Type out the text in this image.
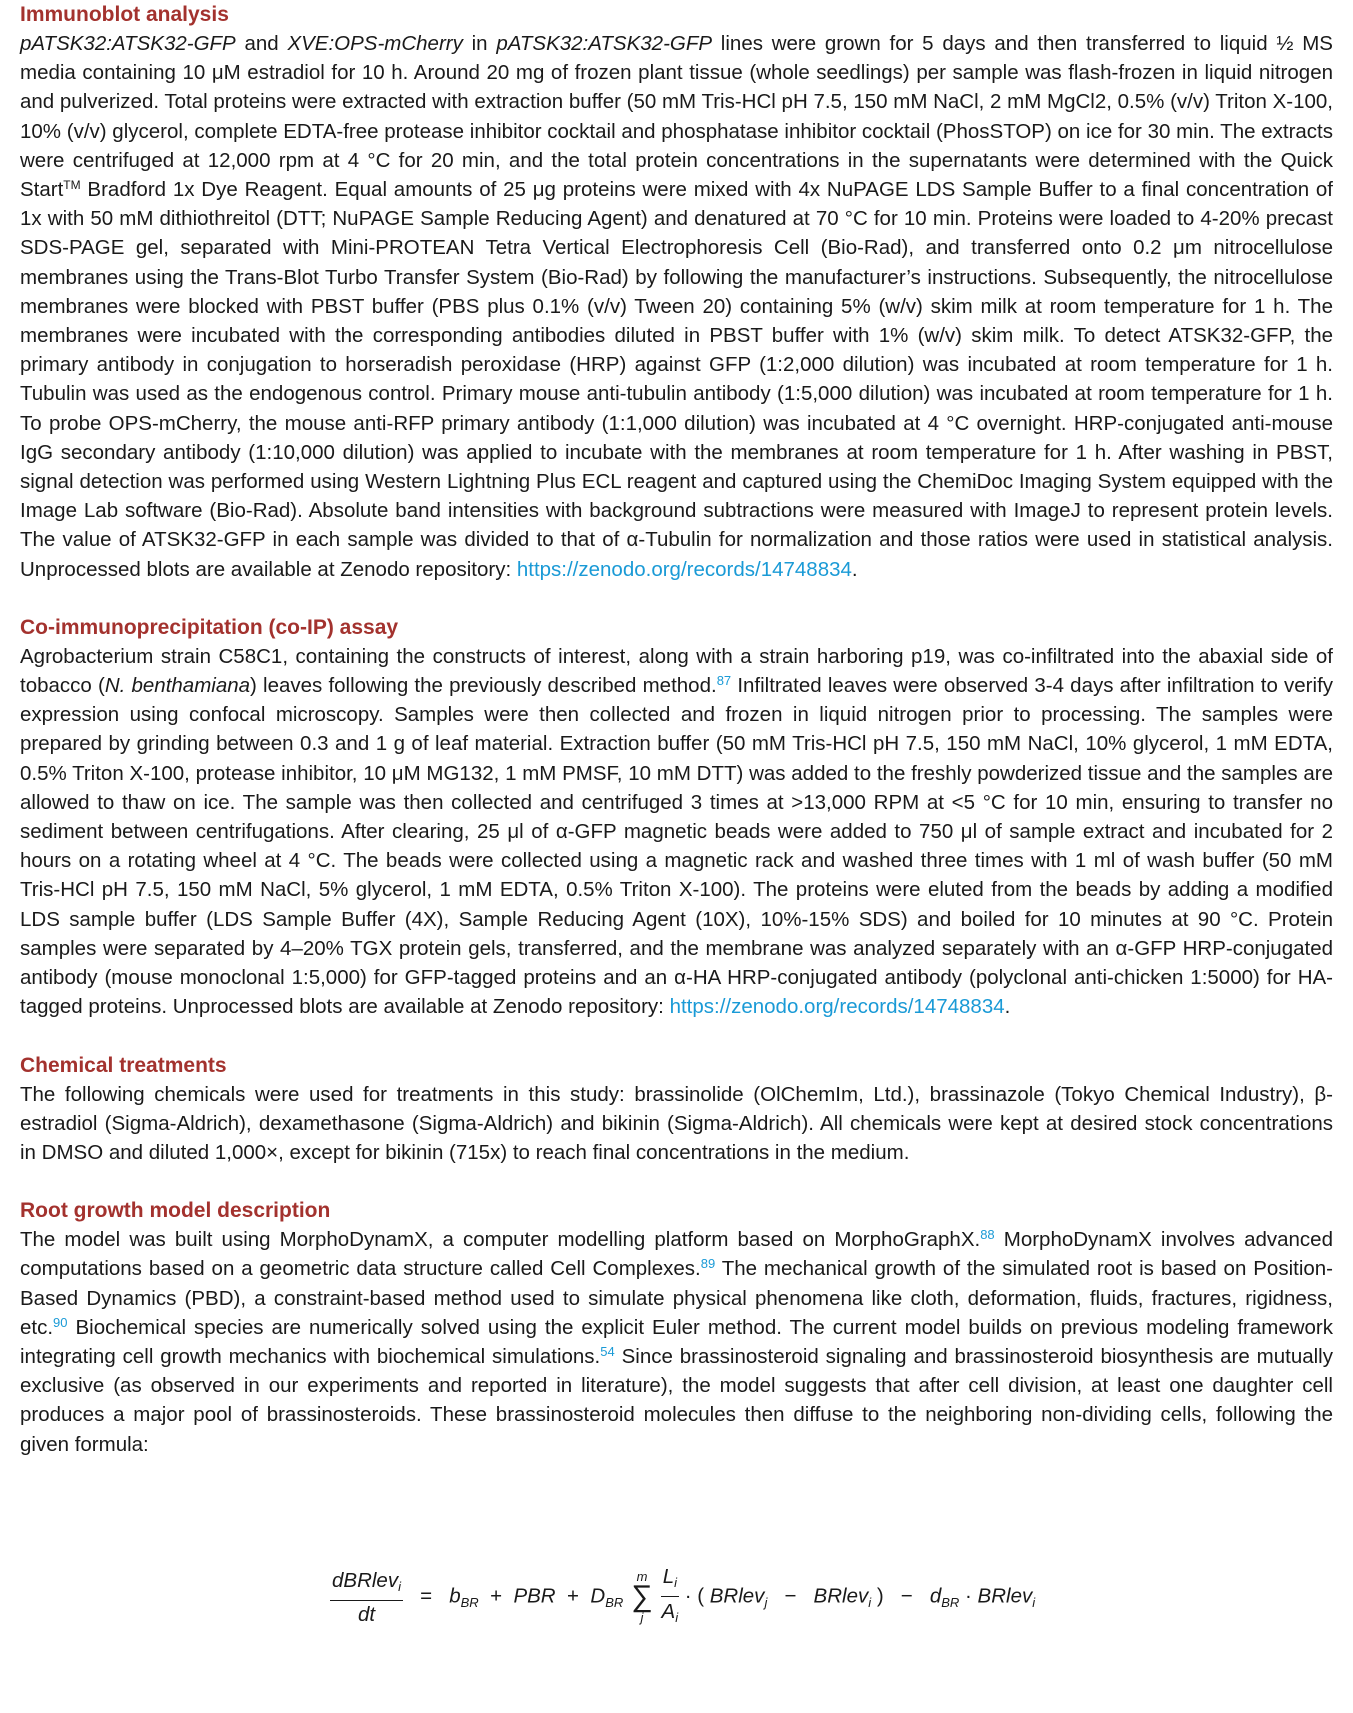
Immunoblot analysis

pATSK32:ATSK32-GFP and XVE:OPS-mCherry in pATSK32:ATSK32-GFP lines were grown for 5 days and then transferred to liquid ½ MS media containing 10 μM estradiol for 10 h. Around 20 mg of frozen plant tissue (whole seedlings) per sample was flash-frozen in liquid nitrogen and pulverized. Total proteins were extracted with extraction buffer (50 mM Tris-HCl pH 7.5, 150 mM NaCl, 2 mM MgCl2, 0.5% (v/v) Triton X-100, 10% (v/v) glycerol, complete EDTA-free protease inhibitor cocktail and phosphatase inhibitor cocktail (PhosSTOP) on ice for 30 min. The extracts were centrifuged at 12,000 rpm at 4 °C for 20 min, and the total protein concentrations in the supernatants were determined with the Quick Start™ Bradford 1x Dye Reagent. Equal amounts of 25 μg proteins were mixed with 4x NuPAGE LDS Sample Buffer to a final concentration of 1x with 50 mM dithiothreitol (DTT; NuPAGE Sample Reducing Agent) and denatured at 70 °C for 10 min. Proteins were loaded to 4-20% precast SDS-PAGE gel, separated with Mini-PROTEAN Tetra Vertical Electrophoresis Cell (Bio-Rad), and transferred onto 0.2 μm nitrocellulose membranes using the Trans-Blot Turbo Transfer System (Bio-Rad) by following the manufacturer’s instructions. Subsequently, the nitrocellulose membranes were blocked with PBST buffer (PBS plus 0.1% (v/v) Tween 20) containing 5% (w/v) skim milk at room temperature for 1 h. The membranes were incubated with the corresponding antibodies diluted in PBST buffer with 1% (w/v) skim milk. To detect ATSK32-GFP, the primary antibody in conjugation to horseradish peroxidase (HRP) against GFP (1:2,000 dilution) was incubated at room temperature for 1 h. Tubulin was used as the endogenous control. Primary mouse anti-tubulin antibody (1:5,000 dilution) was incubated at room temperature for 1 h. To probe OPS-mCherry, the mouse anti-RFP primary antibody (1:1,000 dilution) was incubated at 4 °C overnight. HRP-conjugated anti-mouse IgG secondary antibody (1:10,000 dilution) was applied to incubate with the membranes at room temperature for 1 h. After washing in PBST, signal detection was performed using Western Lightning Plus ECL reagent and captured using the ChemiDoc Imaging System equipped with the Image Lab software (Bio-Rad). Absolute band intensities with background subtractions were measured with ImageJ to represent protein levels. The value of ATSK32-GFP in each sample was divided to that of α-Tubulin for normalization and those ratios were used in statistical analysis. Unprocessed blots are available at Zenodo repository: https://zenodo.org/records/14748834.

Co-immunoprecipitation (co-IP) assay

Agrobacterium strain C58C1, containing the constructs of interest, along with a strain harboring p19, was co-infiltrated into the abaxial side of tobacco (N. benthamiana) leaves following the previously described method.$^{87}$ Infiltrated leaves were observed 3-4 days after infiltration to verify expression using confocal microscopy. Samples were then collected and frozen in liquid nitrogen prior to processing. The samples were prepared by grinding between 0.3 and 1 g of leaf material. Extraction buffer (50 mM Tris-HCl pH 7.5, 150 mM NaCl, 10% glycerol, 1 mM EDTA, 0.5% Triton X-100, protease inhibitor, 10 μM MG132, 1 mM PMSF, 10 mM DTT) was added to the freshly powderized tissue and the samples are allowed to thaw on ice. The sample was then collected and centrifuged 3 times at >13,000 RPM at <5 °C for 10 min, ensuring to transfer no sediment between centrifugations. After clearing, 25 μl of α-GFP magnetic beads were added to 750 μl of sample extract and incubated for 2 hours on a rotating wheel at 4 °C. The beads were collected using a magnetic rack and washed three times with 1 ml of wash buffer (50 mM Tris-HCl pH 7.5, 150 mM NaCl, 5% glycerol, 1 mM EDTA, 0.5% Triton X-100). The proteins were eluted from the beads by adding a modified LDS sample buffer (LDS Sample Buffer (4X), Sample Reducing Agent (10X), 10%-15% SDS) and boiled for 10 minutes at 90 °C. Protein samples were separated by 4–20% TGX protein gels, transferred, and the membrane was analyzed separately with an α-GFP HRP-conjugated antibody (mouse monoclonal 1:5,000) for GFP-tagged proteins and an α-HA HRP-conjugated antibody (polyclonal anti-chicken 1:5000) for HA-tagged proteins. Unprocessed blots are available at Zenodo repository: https://zenodo.org/records/14748834.

Chemical treatments

The following chemicals were used for treatments in this study: brassinolide (OlChemIm, Ltd.), brassinazole (Tokyo Chemical Industry), β-estradiol (Sigma-Aldrich), dexamethasone (Sigma-Aldrich) and bikinin (Sigma-Aldrich). All chemicals were kept at desired stock concentrations in DMSO and diluted 1,000×, except for bikinin (715x) to reach final concentrations in the medium.

Root growth model description

The model was built using MorphoDynamX, a computer modelling platform based on MorphoGraphX.$^{88}$ MorphoDynamX involves advanced computations based on a geometric data structure called Cell Complexes.$^{89}$ The mechanical growth of the simulated root is based on Position-Based Dynamics (PBD), a constraint-based method used to simulate physical phenomena like cloth, deformation, fluids, fractures, rigidness, etc.$^{90}$ Biochemical species are numerically solved using the explicit Euler method. The current model builds on previous modeling framework integrating cell growth mechanics with biochemical simulations.$^{54}$ Since brassinosteroid signaling and brassinosteroid biosynthesis are mutually exclusive (as observed in our experiments and reported in literature), the model suggests that after cell division, at least one daughter cell produces a major pool of brassinosteroids. These brassinosteroid molecules then diffuse to the neighboring non-dividing cells, following the given formula:

$\frac{dBRlev_i}{dt} = b_{BR}$ + PBR + $D_{BR}$
m
∑
j
$\frac{L_i}{A_i}$ · ( BRlev$_j$ − BRlev$_i$ ) − $d_{BR}$ · BRlev$_i$
